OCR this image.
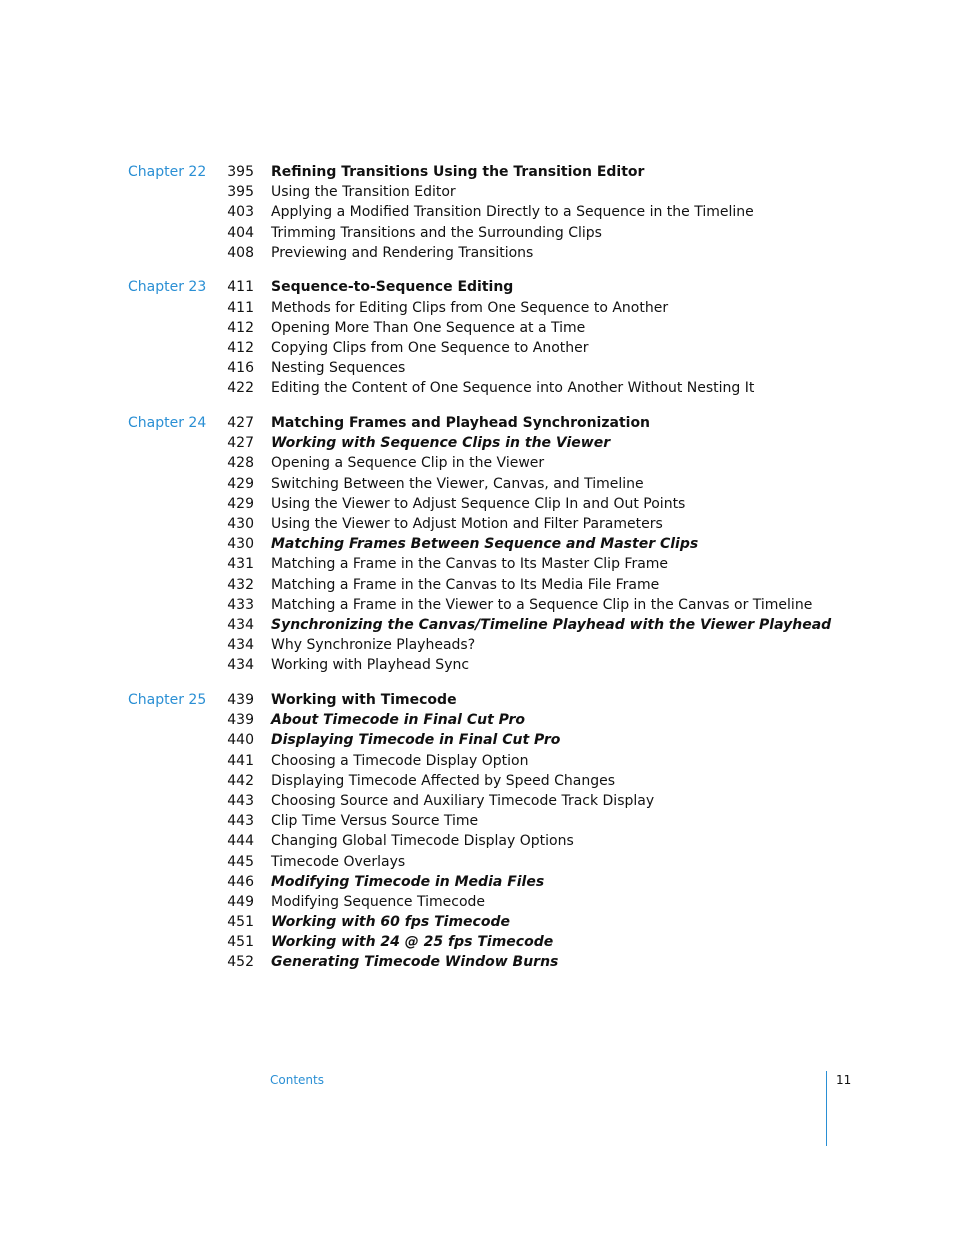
Chapter 22 395 Refining Transitions Using the Transition Editor
395 Using the Transition Editor
403 Applying a Modified Transition Directly to a Sequence in the Timeline
404 Trimming Transitions and the Surrounding Clips
408 Previewing and Rendering Transitions
Chapter 23 411 Sequence-to-Sequence Editing
411 Methods for Editing Clips from One Sequence to Another
412 Opening More Than One Sequence at a Time
412 Copying Clips from One Sequence to Another
416 Nesting Sequences
422 Editing the Content of One Sequence into Another Without Nesting It
Chapter 24 427 Matching Frames and Playhead Synchronization
427 Working with Sequence Clips in the Viewer
428 Opening a Sequence Clip in the Viewer
429 Switching Between the Viewer, Canvas, and Timeline
429 Using the Viewer to Adjust Sequence Clip In and Out Points
430 Using the Viewer to Adjust Motion and Filter Parameters
430 Matching Frames Between Sequence and Master Clips
431 Matching a Frame in the Canvas to Its Master Clip Frame
432 Matching a Frame in the Canvas to Its Media File Frame
433 Matching a Frame in the Viewer to a Sequence Clip in the Canvas or Timeline
434 Synchronizing the Canvas/Timeline Playhead with the Viewer Playhead
434 Why Synchronize Playheads?
434 Working with Playhead Sync
Chapter 25 439 Working with Timecode
439 About Timecode in Final Cut Pro
440 Displaying Timecode in Final Cut Pro
441 Choosing a Timecode Display Option
442 Displaying Timecode Affected by Speed Changes
443 Choosing Source and Auxiliary Timecode Track Display
443 Clip Time Versus Source Time
444 Changing Global Timecode Display Options
445 Timecode Overlays
446 Modifying Timecode in Media Files
449 Modifying Sequence Timecode
451 Working with 60 fps Timecode
451 Working with 24 @ 25 fps Timecode
452 Generating Timecode Window Burns
Contents	11
